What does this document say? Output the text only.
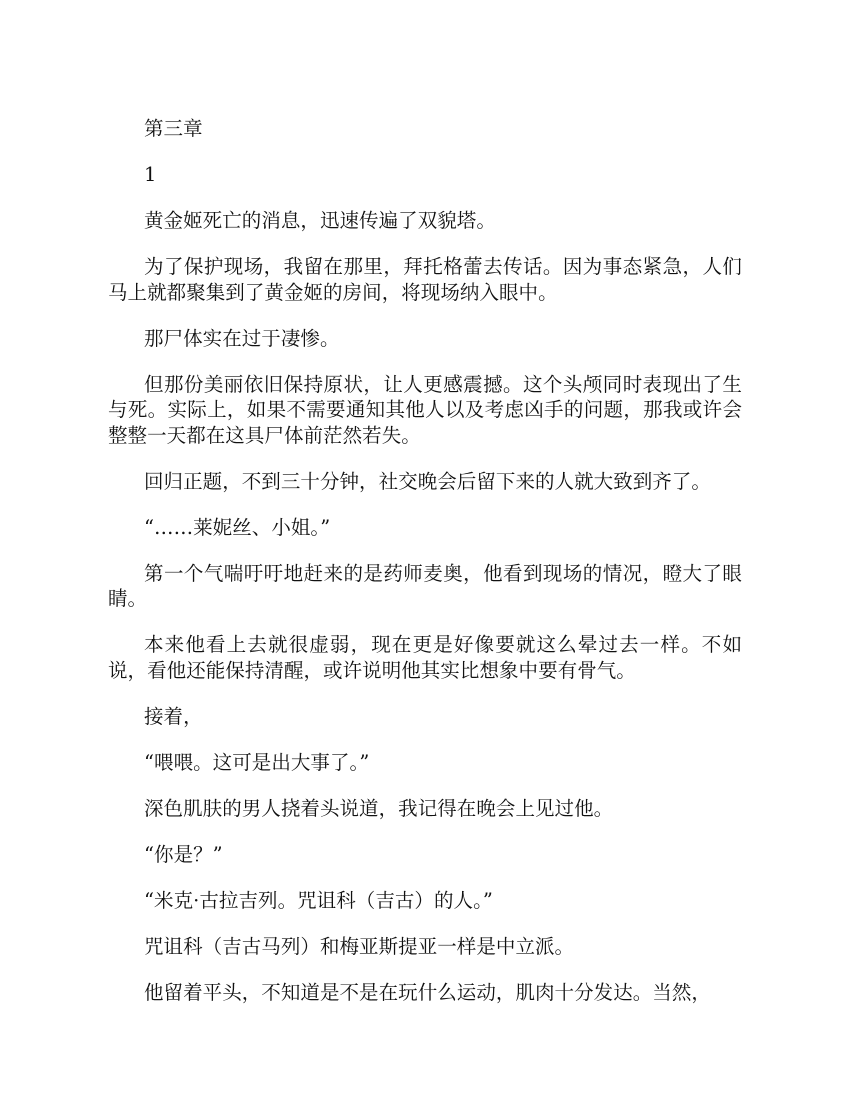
第三章

1

黄金姬死亡的消息，迅速传遍了双貌塔。

为了保护现场，我留在那里，拜托格蕾去传话。因为事态紧急，人们马上就都聚集到了黄金姬的房间，将现场纳入眼中。

那尸体实在过于凄惨。

但那份美丽依旧保持原状，让人更感震撼。这个头颅同时表现出了生与死。实际上，如果不需要通知其他人以及考虑凶手的问题，那我或许会整整一天都在这具尸体前茫然若失。

回归正题，不到三十分钟，社交晚会后留下来的人就大致到齐了。

“……莱妮丝、小姐。”

第一个气喘吁吁地赶来的是药师麦奥，他看到现场的情况，瞪大了眼睛。

本来他看上去就很虚弱，现在更是好像要就这么晕过去一样。不如说，看他还能保持清醒，或许说明他其实比想象中要有骨气。

接着，

“喂喂。这可是出大事了。”

深色肌肤的男人挠着头说道，我记得在晚会上见过他。

“你是？”

“米克·古拉吉列。咒诅科（吉古）的人。”

咒诅科（吉古马列）和梅亚斯提亚一样是中立派。

他留着平头，不知道是不是在玩什么运动，肌肉十分发达。当然，
